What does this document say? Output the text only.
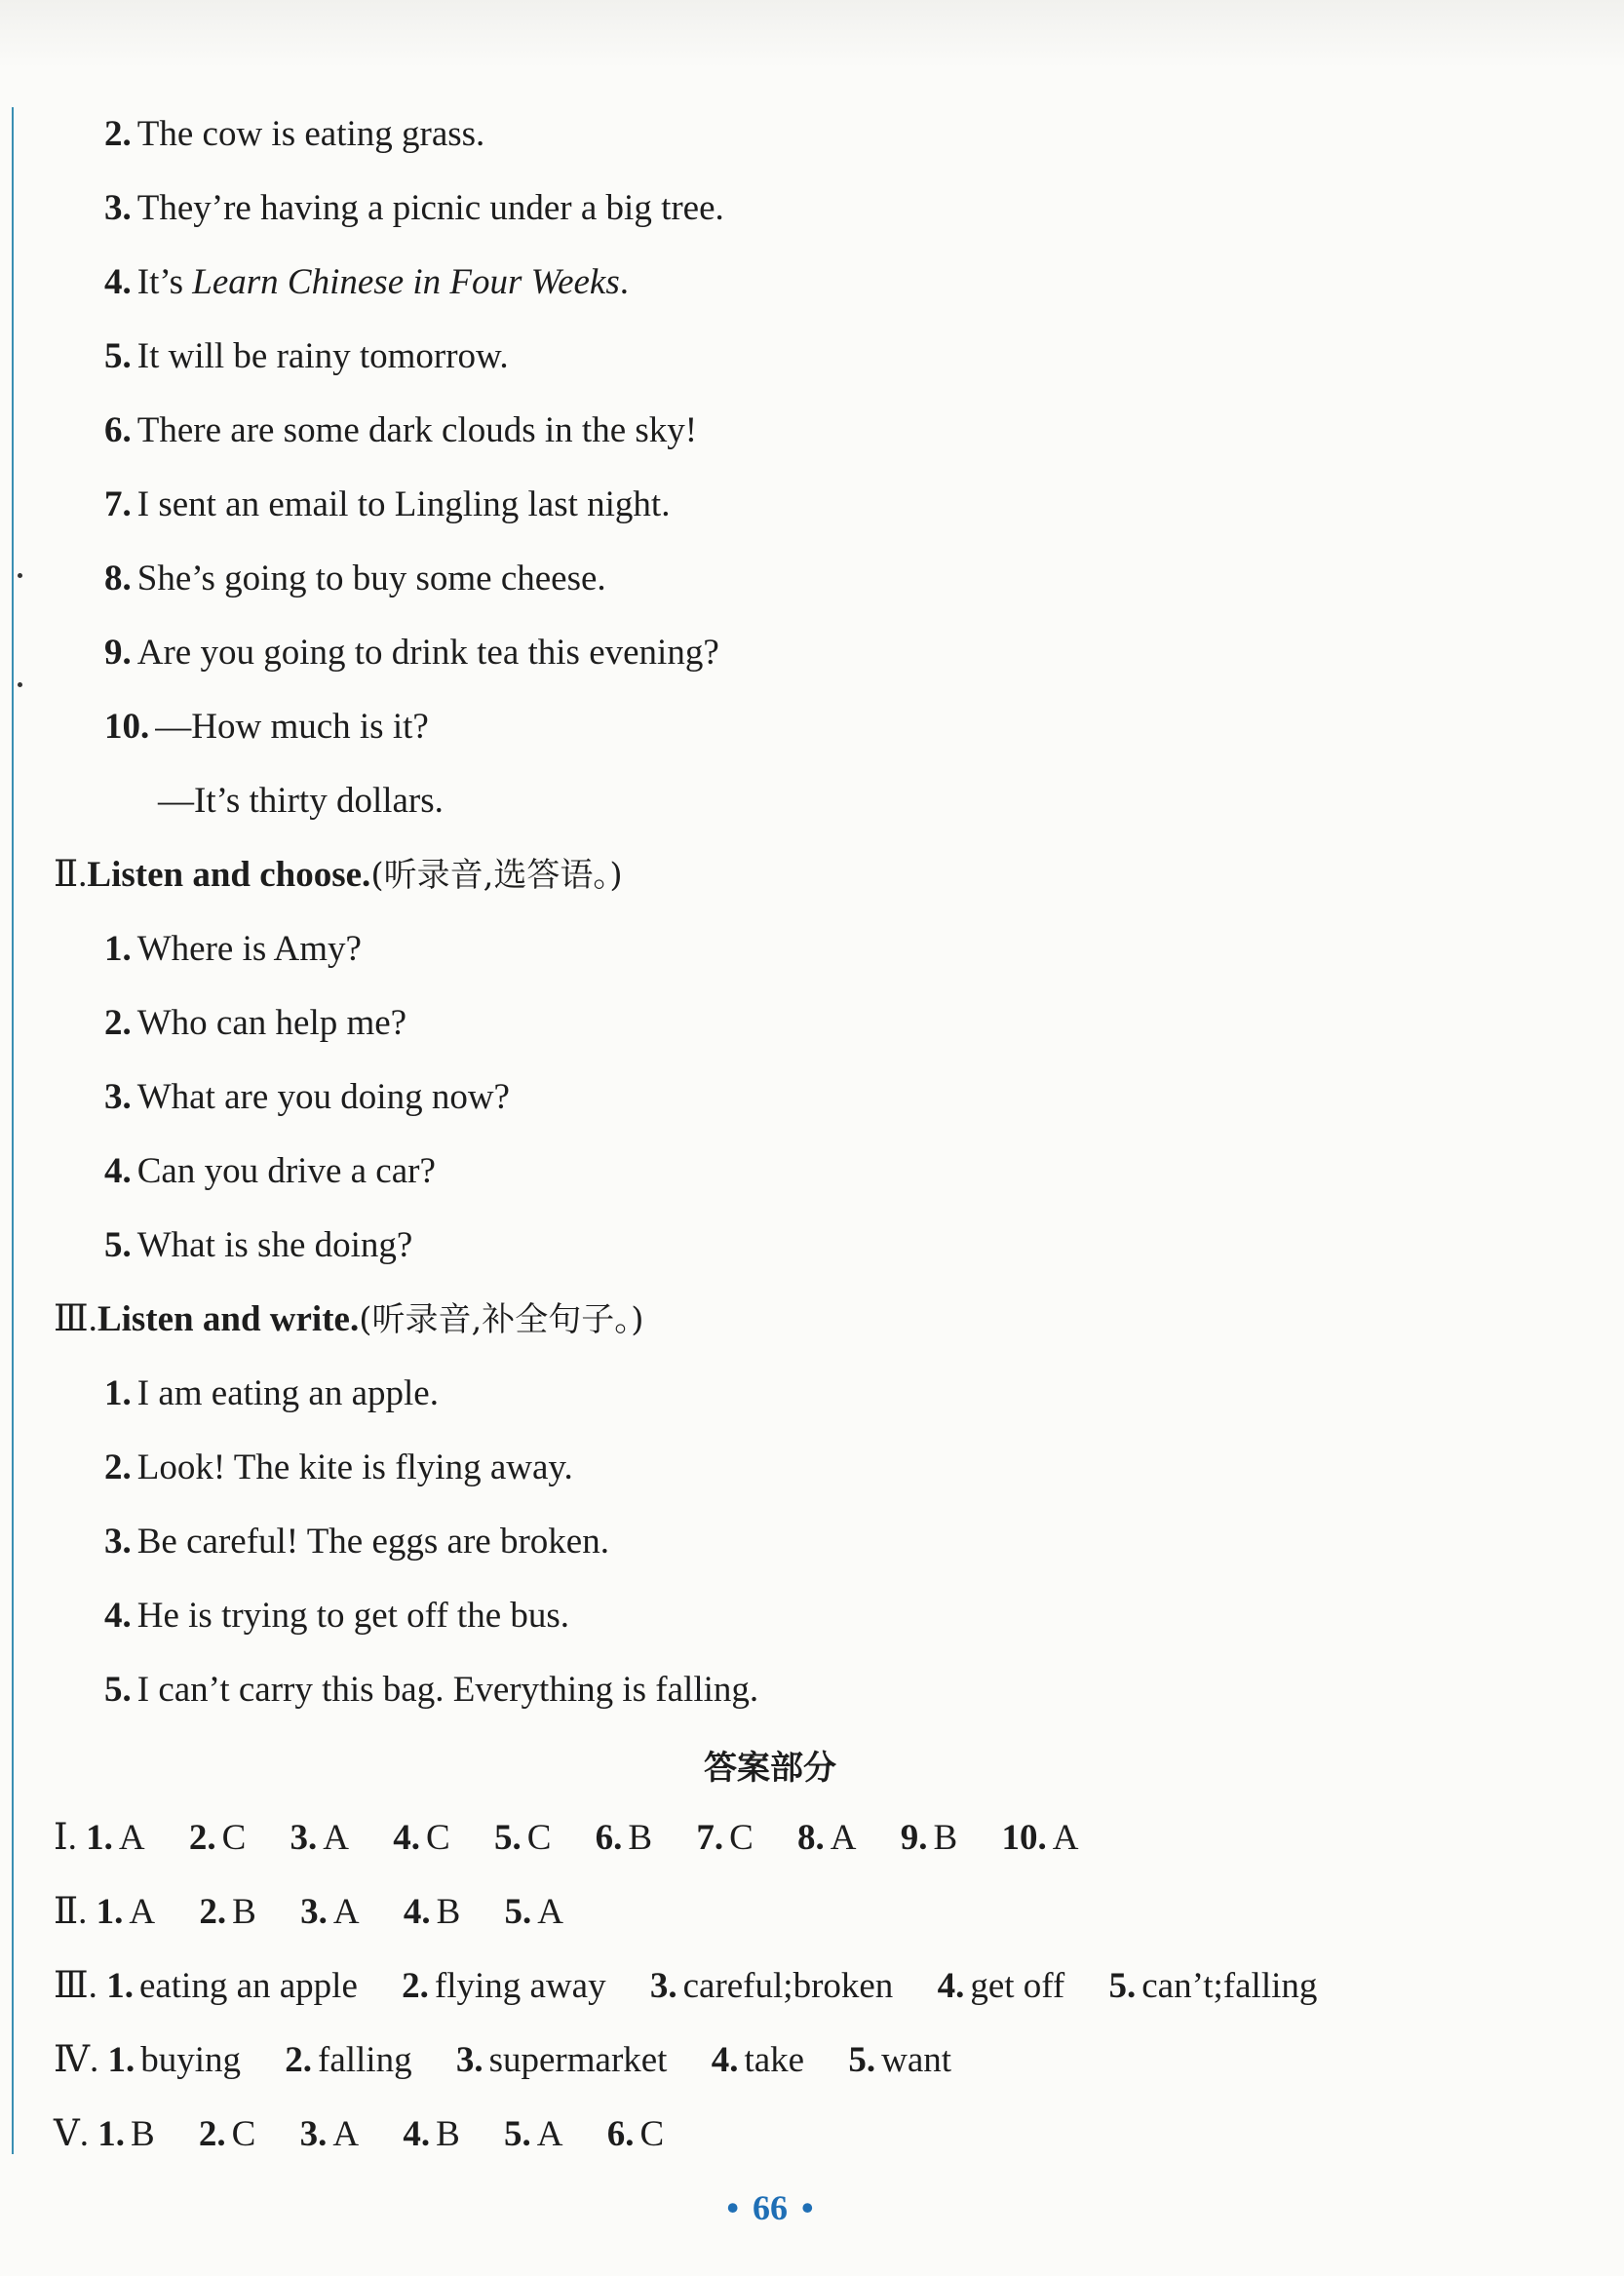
2. The cow is eating grass.
3. They’re having a picnic under a big tree.
4. It’s Learn Chinese in Four Weeks.
5. It will be rainy tomorrow.
6. There are some dark clouds in the sky!
7. I sent an email to Lingling last night.
8. She’s going to buy some cheese.
9. Are you going to drink tea this evening?
10. —How much is it?
—It’s thirty dollars.
Ⅱ.Listen and choose.(听录音,选答语。)
1. Where is Amy?
2. Who can help me?
3. What are you doing now?
4. Can you drive a car?
5. What is she doing?
Ⅲ.Listen and write.(听录音,补全句子。)
1. I am eating an apple.
2. Look! The kite is flying away.
3. Be careful! The eggs are broken.
4. He is trying to get off the bus.
5. I can’t carry this bag. Everything is falling.
答案部分
Ⅰ. 1. A 2. C 3. A 4. C 5. C 6. B 7. C 8. A 9. B 10. A
Ⅱ. 1. A 2. B 3. A 4. B 5. A
Ⅲ. 1. eating an apple 2. flying away 3. careful;broken 4. get off 5. can’t;falling
Ⅳ. 1. buying 2. falling 3. supermarket 4. take 5. want
Ⅴ. 1. B 2. C 3. A 4. B 5. A 6. C
• 66 •
